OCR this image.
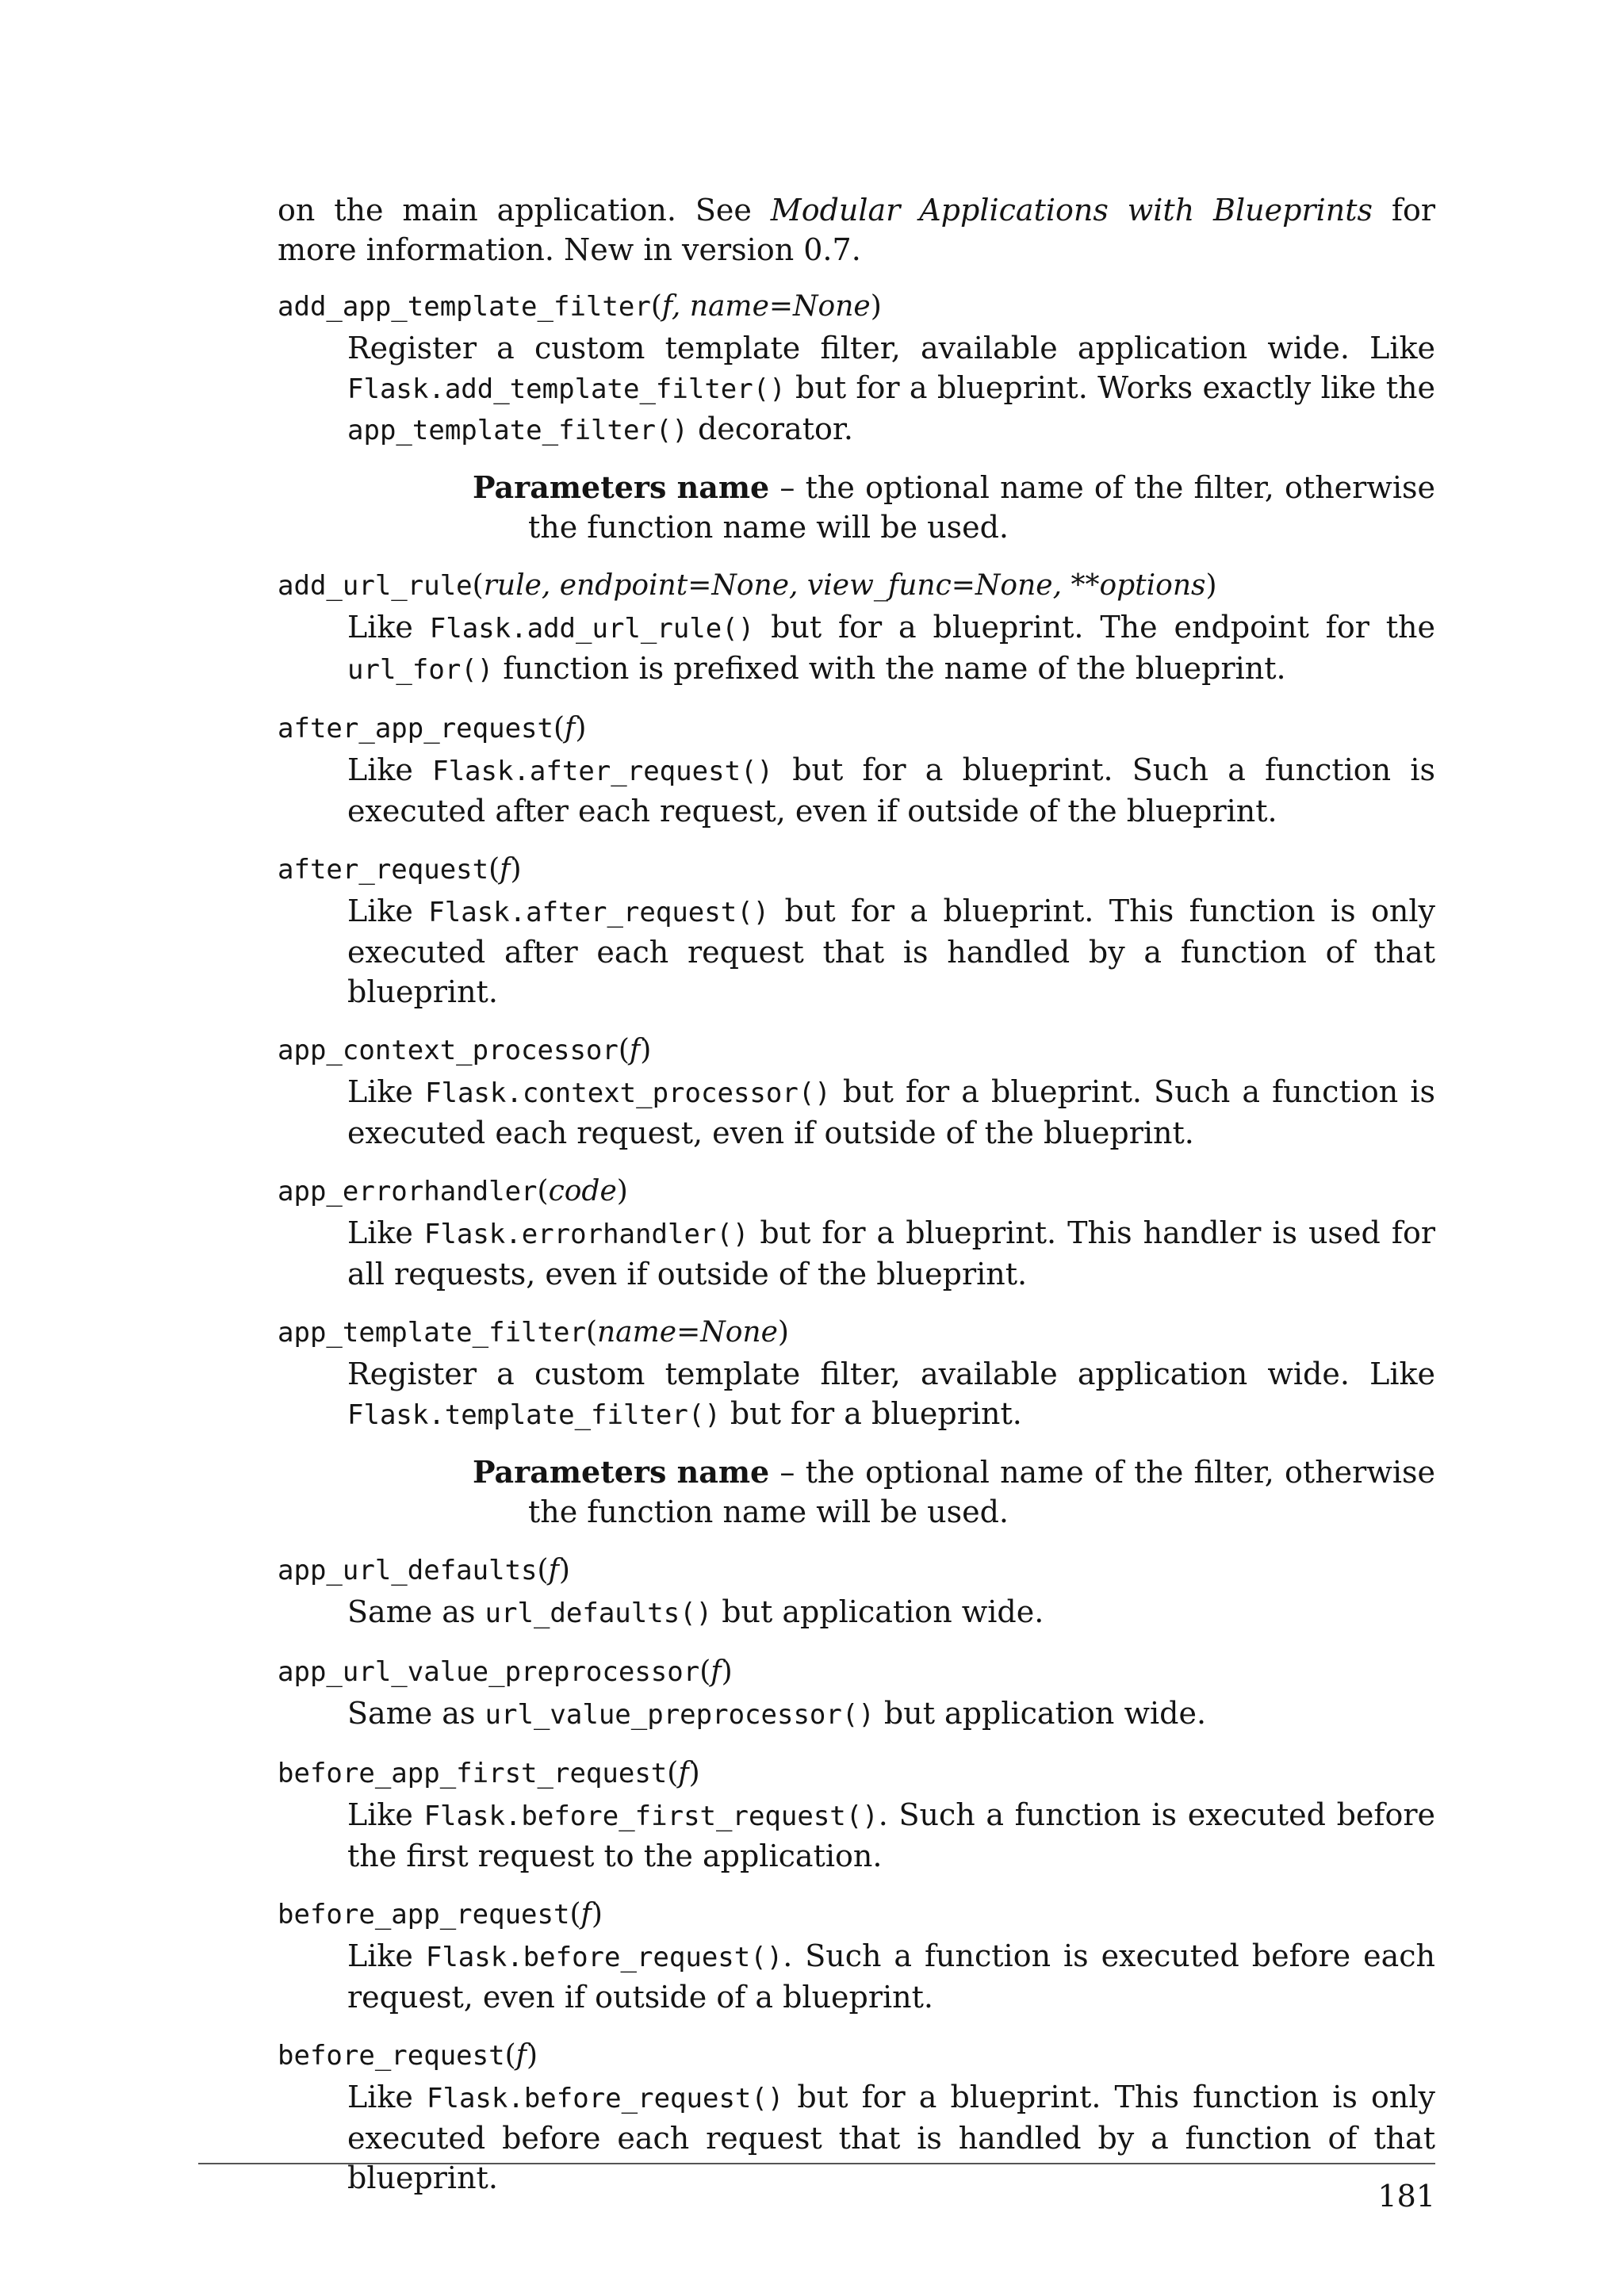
on the main application. See Modular Applications with Blueprints for more information. New in version 0.7.

add_app_template_filter(f, name=None)
Register a custom template filter, available application wide. Like Flask.add_template_filter() but for a blueprint. Works exactly like the app_template_filter() decorator.
Parameters name – the optional name of the filter, otherwise the function name will be used.
add_url_rule(rule, endpoint=None, view_func=None, **options)
Like Flask.add_url_rule() but for a blueprint. The endpoint for the url_for() function is prefixed with the name of the blueprint.
after_app_request(f)
Like Flask.after_request() but for a blueprint. Such a function is executed after each request, even if outside of the blueprint.
after_request(f)
Like Flask.after_request() but for a blueprint. This function is only executed after each request that is handled by a function of that blueprint.
app_context_processor(f)
Like Flask.context_processor() but for a blueprint. Such a function is executed each request, even if outside of the blueprint.
app_errorhandler(code)
Like Flask.errorhandler() but for a blueprint. This handler is used for all requests, even if outside of the blueprint.
app_template_filter(name=None)
Register a custom template filter, available application wide. Like Flask.template_filter() but for a blueprint.
Parameters name – the optional name of the filter, otherwise the function name will be used.
app_url_defaults(f)
Same as url_defaults() but application wide.
app_url_value_preprocessor(f)
Same as url_value_preprocessor() but application wide.
before_app_first_request(f)
Like Flask.before_first_request(). Such a function is executed before the first request to the application.
before_app_request(f)
Like Flask.before_request(). Such a function is executed before each request, even if outside of a blueprint.
before_request(f)
Like Flask.before_request() but for a blueprint. This function is only executed before each request that is handled by a function of that blueprint.
181
